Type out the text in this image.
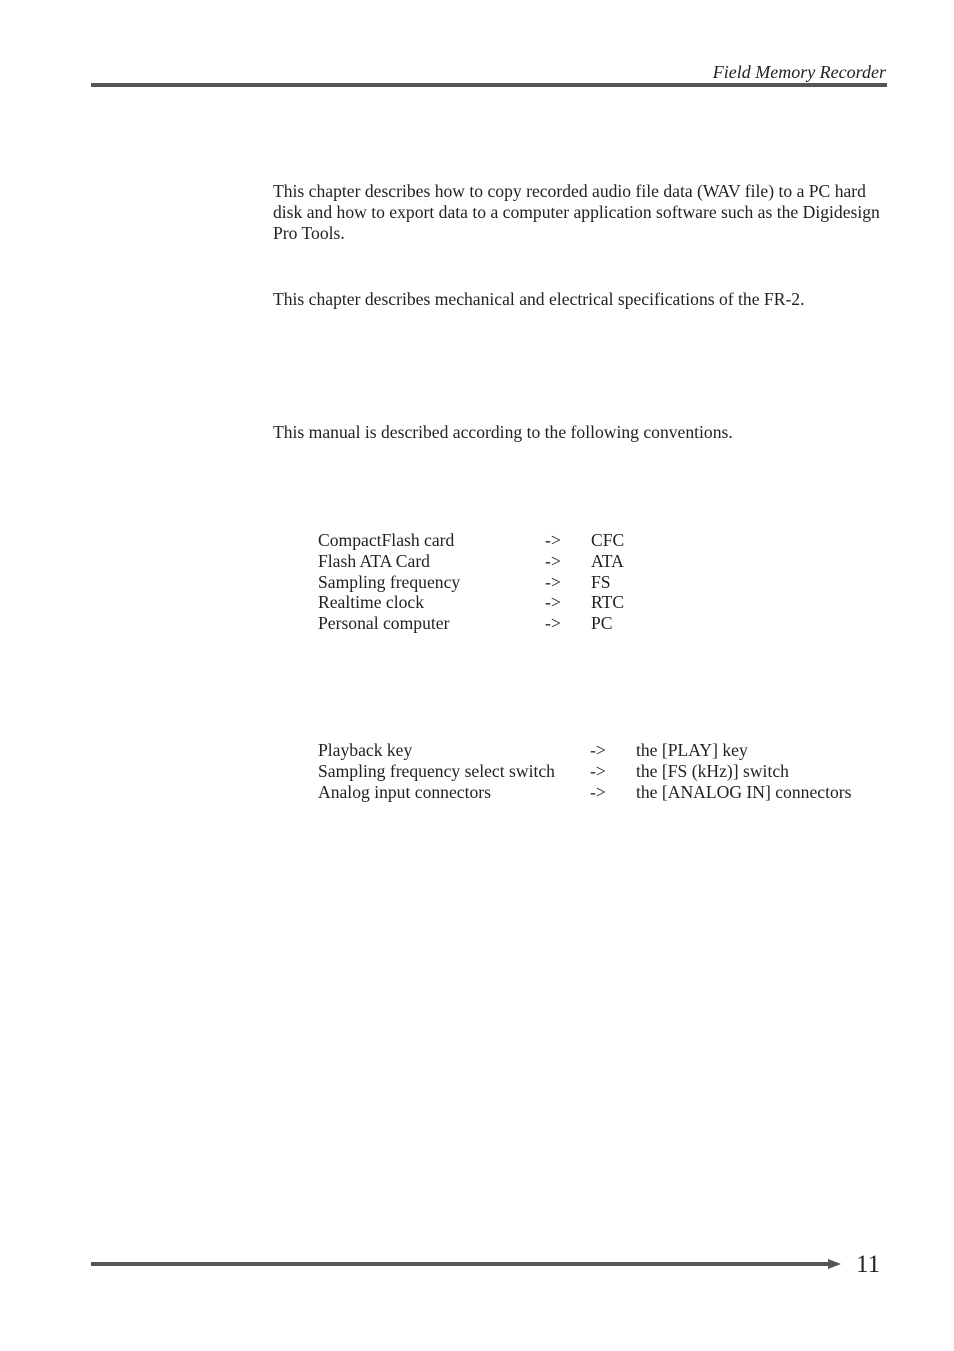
Field Memory Recorder

This chapter describes how to copy recorded audio file data (WAV file) to a PC hard disk and how to export data to a computer application software such as the Digidesign Pro Tools.

This chapter describes mechanical and electrical specifications of the FR-2.

This manual is described according to the following conventions.

CompactFlash card	-> CFC
Flash ATA Card	-> ATA
Sampling frequency	-> FS
Realtime clock	-> RTC
Personal computer	-> PC
Playback key	-> the [PLAY] key
Sampling frequency select switch -> the [FS (kHz)] switch
Analog input connectors	-> the [ANALOG IN] connectors
11
